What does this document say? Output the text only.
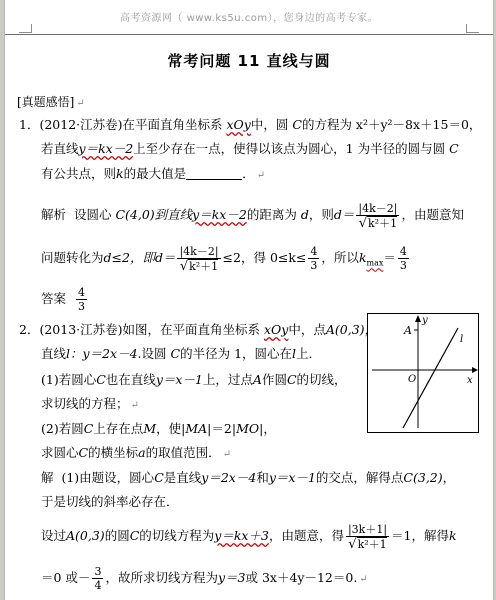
高考资源网（ www.ks5u.com），您身边的高考专家。
常考问题 11 直线与圆
[真题感悟] ↵
1．(2012·江苏卷)在平面直角坐标系 xOy中，圆 C的方程为 x²＋y²－8x＋15＝0，
若直线y＝kx－2上至少存在一点，使得以该点为圆心，1 为半径的圆与圆 C
有公共点，则k的最大值是	． ↵
解析 设圆心 C(4,0)到直线y＝kx－2的距离为 d，则$d= \frac{|4k-2|}{\text{√k²＋1}}$ ，由题意知
问题转化为d≤2，即$d= \frac{|4k-2|}{\text{√k²＋1}} \le 2$，得 $0\le k\le \frac{4}{3}$ ，所以$k_{max}= \frac{4}{3}$
答案 $\frac{4}{3}$
2．(2013·江苏卷)如图，在平面直角坐标系 xOy中，点A(0,3)，
直线l：y＝2x－4.设圆 C的半径为 1，圆心在l上．
(1)若圆心C也在直线y＝x－1上，过点A作圆C的切线，
求切线的方程； ↵
(2)若圆C上存在点M，使|MA|＝2|MO|，
求圆心C的横坐标a的取值范围． ↵
解 (1)由题设，圆心C是直线y＝2x－4和y＝x－1的交点，解得点C(3,2)，
于是切线的斜率必存在．
设过A(0,3)的圆C的切线方程为y＝kx＋3，由题意，得 $\frac{|3k+1|}{\text{√k²＋1}} =1$，解得k
＝0 或－ $\frac{3}{4}$ ，故所求切线方程为y＝3或 3x＋4y－12＝0. ↵
A
y
O	x
l
